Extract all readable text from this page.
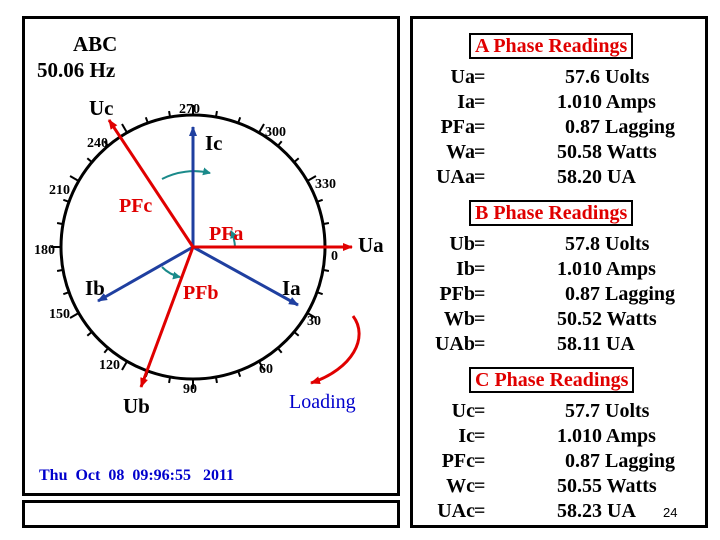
ABC
50.06 Hz
0
30
60
90
120
150
180
210
240
270
300
330
Ua
Uc
Ub
Ic
Ia
Ib
PFa
PFb
PFc
Loading
Thu  Oct  08  09:96:55   2011
A Phase Readings
Ua =	57.6 Uolts
Ia =	1.010 Amps
PFa =	0.87 Lagging
Wa =	50.58 Watts
UAa =	58.20 UA
B Phase Readings
Ub =	57.8 Uolts
Ib =	1.010 Amps
PFb =	0.87 Lagging
Wb =	50.52 Watts
UAb =	58.11 UA
C Phase Readings
Uc =	57.7 Uolts
Ic =	1.010 Amps
PFc =	0.87 Lagging
Wc =	50.55 Watts
UAc =	58.23 UA 24
